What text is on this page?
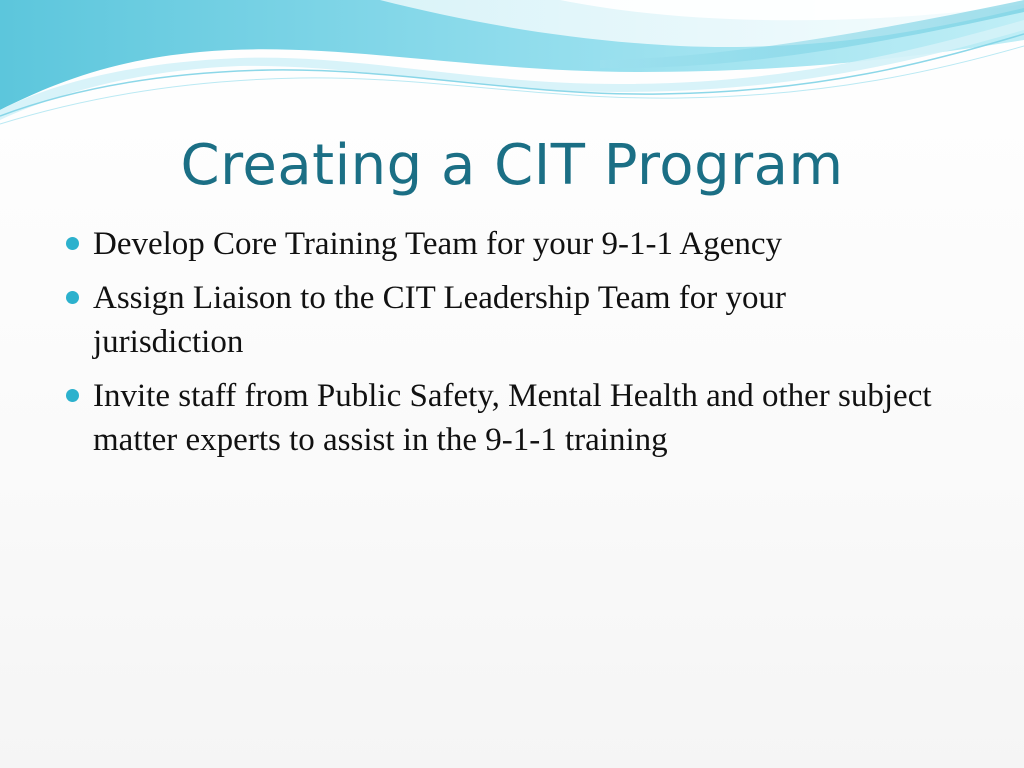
Creating a CIT Program
Develop Core Training Team for your 9-1-1 Agency
Assign Liaison to the CIT Leadership Team for your jurisdiction
Invite staff from Public Safety, Mental Health and other subject matter experts to assist in the 9-1-1 training
